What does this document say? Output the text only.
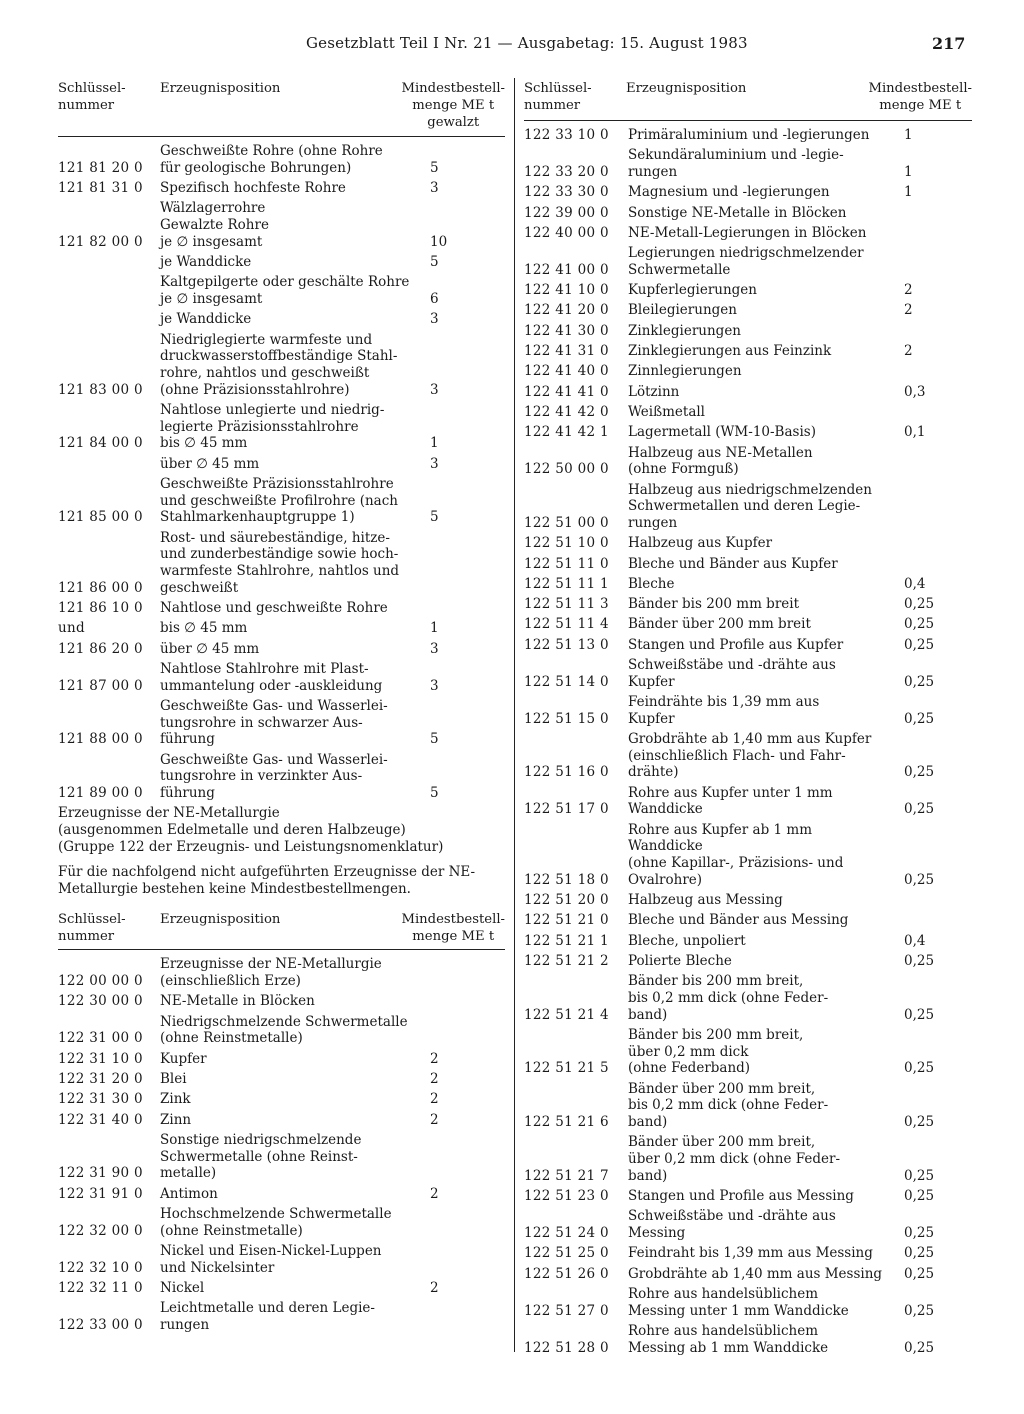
Gesetzblatt Teil I Nr. 21 — Ausgabetag: 15. August 1983	217
Schlüssel-
nummer
Erzeugnisposition	Mindestbestell-
menge ME t
gewalzt
121 81 20 0
Geschweißte Rohre (ohne Rohre
für geologische Bohrungen)	5
121 81 31 0	Spezifisch hochfeste Rohre	3
121 82 00 0
Wälzlagerrohre
Gewalzte Rohre
je ∅ insgesamt	10
je Wanddicke	5
Kaltgepilgerte oder geschälte Rohre
je ∅ insgesamt	6
je Wanddicke	3
121 83 00 0
Niedriglegierte warmfeste und
druckwasserstoffbeständige Stahl-
rohre, nahtlos und geschweißt
(ohne Präzisionsstahlrohre)	3
121 84 00 0
Nahtlose unlegierte und niedrig-
legierte Präzisionsstahlrohre
bis ∅ 45 mm	1
über ∅ 45 mm	3
121 85 00 0
Geschweißte Präzisionsstahlrohre
und geschweißte Profilrohre (nach
Stahlmarkenhauptgruppe 1)	5
121 86 00 0
Rost- und säurebeständige, hitze-
und zunderbeständige sowie hoch-
warmfeste Stahlrohre, nahtlos und
geschweißt
121 86 10 0	Nahtlose und geschweißte Rohre
und	bis ∅ 45 mm	1
121 86 20 0	über ∅ 45 mm	3
121 87 00 0
Nahtlose Stahlrohre mit Plast-
ummantelung oder -auskleidung	3
121 88 00 0
Geschweißte Gas- und Wasserlei-
tungsrohre in schwarzer Aus-
führung	5
121 89 00 0
Geschweißte Gas- und Wasserlei-
tungsrohre in verzinkter Aus-
führung	5
Erzeugnisse der NE-Metallurgie
(ausgenommen Edelmetalle und deren Halbzeuge)
(Gruppe 122 der Erzeugnis- und Leistungsnomenklatur)
Für die nachfolgend nicht aufgeführten Erzeugnisse der NE-
Metallurgie bestehen keine Mindestbestellmengen.
Schlüssel-
nummer
Erzeugnisposition	Mindestbestell-
menge ME t
122 00 00 0
Erzeugnisse der NE-Metallurgie
(einschließlich Erze)
122 30 00 0	NE-Metalle in Blöcken
122 31 00 0
Niedrigschmelzende Schwermetalle
(ohne Reinstmetalle)
122 31 10 0	Kupfer	2
122 31 20 0	Blei	2
122 31 30 0	Zink	2
122 31 40 0	Zinn	2
122 31 90 0
Sonstige niedrigschmelzende
Schwermetalle (ohne Reinst-
metalle)
122 31 91 0	Antimon	2
122 32 00 0
Hochschmelzende Schwermetalle
(ohne Reinstmetalle)
122 32 10 0
Nickel und Eisen-Nickel-Luppen
und Nickelsinter
122 32 11 0	Nickel	2
122 33 00 0
Leichtmetalle und deren Legie-
rungen
Schlüssel-
nummer
Erzeugnisposition	Mindestbestell-
menge ME t
122 33 10 0	Primäraluminium und -legierungen	1
122 33 20 0
Sekundäraluminium und -legie-
rungen	1
122 33 30 0	Magnesium und -legierungen	1
122 39 00 0	Sonstige NE-Metalle in Blöcken
122 40 00 0	NE-Metall-Legierungen in Blöcken
122 41 00 0
Legierungen niedrigschmelzender
Schwermetalle
122 41 10 0	Kupferlegierungen	2
122 41 20 0	Bleilegierungen	2
122 41 30 0	Zinklegierungen
122 41 31 0	Zinklegierungen aus Feinzink	2
122 41 40 0	Zinnlegierungen
122 41 41 0	Lötzinn	0,3
122 41 42 0	Weißmetall
122 41 42 1	Lagermetall (WM-10-Basis)	0,1
122 50 00 0
Halbzeug aus NE-Metallen
(ohne Formguß)
122 51 00 0
Halbzeug aus niedrigschmelzenden
Schwermetallen und deren Legie-
rungen
122 51 10 0	Halbzeug aus Kupfer
122 51 11 0	Bleche und Bänder aus Kupfer
122 51 11 1	Bleche	0,4
122 51 11 3	Bänder bis 200 mm breit	0,25
122 51 11 4	Bänder über 200 mm breit	0,25
122 51 13 0	Stangen und Profile aus Kupfer	0,25
122 51 14 0
Schweißstäbe und -drähte aus
Kupfer	0,25
122 51 15 0
Feindrähte bis 1,39 mm aus
Kupfer	0,25
122 51 16 0
Grobdrähte ab 1,40 mm aus Kupfer
(einschließlich Flach- und Fahr-
drähte)	0,25
122 51 17 0
Rohre aus Kupfer unter 1 mm
Wanddicke	0,25
122 51 18 0
Rohre aus Kupfer ab 1 mm
Wanddicke
(ohne Kapillar-, Präzisions- und
Ovalrohre)	0,25
122 51 20 0	Halbzeug aus Messing
122 51 21 0	Bleche und Bänder aus Messing
122 51 21 1	Bleche, unpoliert	0,4
122 51 21 2	Polierte Bleche	0,25
122 51 21 4
Bänder bis 200 mm breit,
bis 0,2 mm dick (ohne Feder-
band)	0,25
122 51 21 5
Bänder bis 200 mm breit,
über 0,2 mm dick
(ohne Federband)	0,25
122 51 21 6
Bänder über 200 mm breit,
bis 0,2 mm dick (ohne Feder-
band)	0,25
122 51 21 7
Bänder über 200 mm breit,
über 0,2 mm dick (ohne Feder-
band)	0,25
122 51 23 0	Stangen und Profile aus Messing	0,25
122 51 24 0
Schweißstäbe und -drähte aus
Messing	0,25
122 51 25 0	Feindraht bis 1,39 mm aus Messing	0,25
122 51 26 0	Grobdrähte ab 1,40 mm aus Messing	0,25
122 51 27 0
Rohre aus handelsüblichem
Messing unter 1 mm Wanddicke	0,25
122 51 28 0
Rohre aus handelsüblichem
Messing ab 1 mm Wanddicke	0,25
